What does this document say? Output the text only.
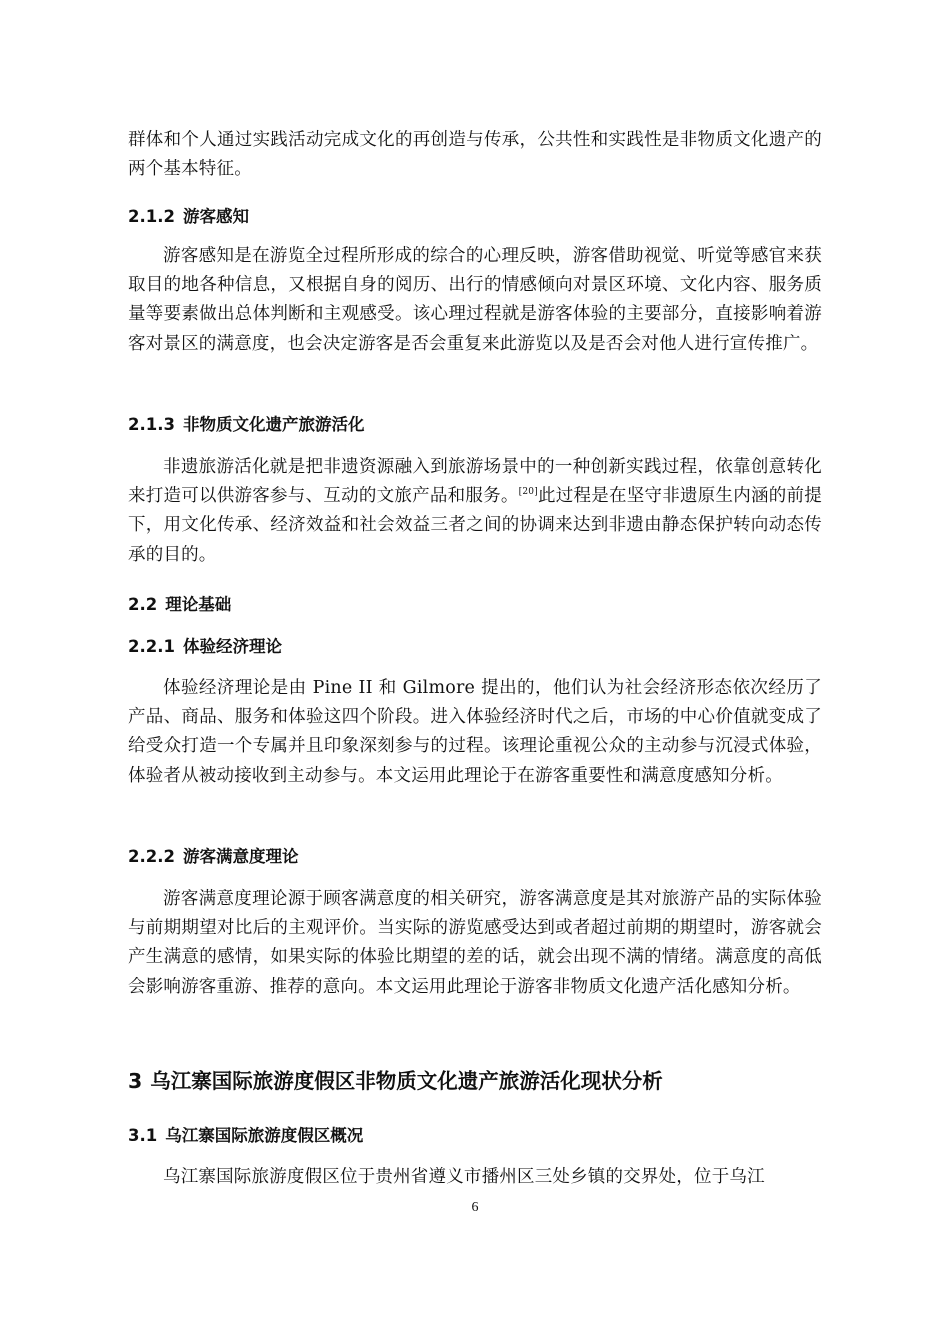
群体和个人通过实践活动完成文化的再创造与传承，公共性和实践性是非物质文化遗产的两个基本特征。

2.1.2 游客感知

游客感知是在游览全过程所形成的综合的心理反映，游客借助视觉、听觉等感官来获取目的地各种信息，又根据自身的阅历、出行的情感倾向对景区环境、文化内容、服务质量等要素做出总体判断和主观感受。该心理过程就是游客体验的主要部分，直接影响着游客对景区的满意度，也会决定游客是否会重复来此游览以及是否会对他人进行宣传推广。

2.1.3 非物质文化遗产旅游活化

非遗旅游活化就是把非遗资源融入到旅游场景中的一种创新实践过程，依靠创意转化来打造可以供游客参与、互动的文旅产品和服务。[20]此过程是在坚守非遗原生内涵的前提下，用文化传承、经济效益和社会效益三者之间的协调来达到非遗由静态保护转向动态传承的目的。

2.2 理论基础

2.2.1 体验经济理论

体验经济理论是由 Pine II 和 Gilmore 提出的，他们认为社会经济形态依次经历了产品、商品、服务和体验这四个阶段。进入体验经济时代之后，市场的中心价值就变成了给受众打造一个专属并且印象深刻参与的过程。该理论重视公众的主动参与沉浸式体验，体验者从被动接收到主动参与。本文运用此理论于在游客重要性和满意度感知分析。

2.2.2 游客满意度理论

游客满意度理论源于顾客满意度的相关研究，游客满意度是其对旅游产品的实际体验与前期期望对比后的主观评价。当实际的游览感受达到或者超过前期的期望时，游客就会产生满意的感情，如果实际的体验比期望的差的话，就会出现不满的情绪。满意度的高低会影响游客重游、推荐的意向。本文运用此理论于游客非物质文化遗产活化感知分析。

3 乌江寨国际旅游度假区非物质文化遗产旅游活化现状分析

3.1 乌江寨国际旅游度假区概况

乌江寨国际旅游度假区位于贵州省遵义市播州区三处乡镇的交界处，位于乌江

6
